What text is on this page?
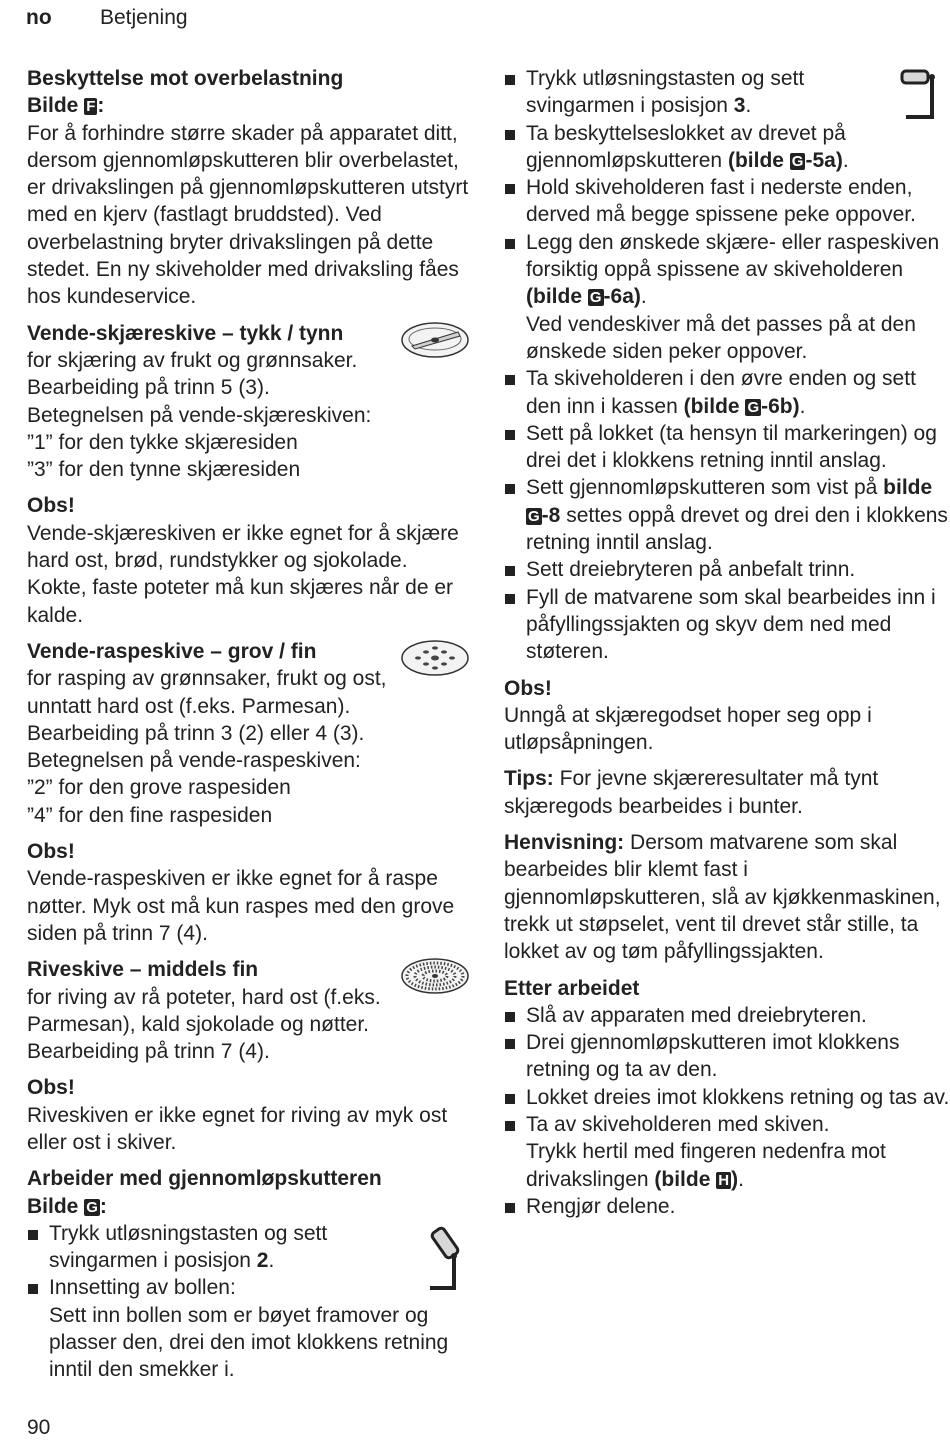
no Betjening
Beskyttelse mot overbelastning
Bilde F:

For å forhindre større skader på apparatet ditt, dersom gjennomløpskutteren blir overbelastet, er drivakslingen på gjennomløpskutteren utstyrt med en kjerv (fastlagt bruddsted). Ved overbelastning bryter drivakslingen på dette stedet. En ny skiveholder med drivaksling fåes hos kundeservice.

Vende-skjæreskive – tykk / tynn

for skjæring av frukt og grønnsaker.

Bearbeiding på trinn 5 (3).

Betegnelsen på vende-skjæreskiven:

”1” for den tykke skjæresiden

”3” for den tynne skjæresiden

Obs!

Vende-skjæreskiven er ikke egnet for å skjære hard ost, brød, rundstykker og sjokolade. Kokte, faste poteter må kun skjæres når de er kalde.

Vende-raspeskive – grov / fin

for rasping av grønnsaker, frukt og ost, unntatt hard ost (f.eks. Parmesan).

Bearbeiding på trinn 3 (2) eller 4 (3).

Betegnelsen på vende-raspeskiven:

”2” for den grove raspesiden

”4” for den fine raspesiden

Obs!

Vende-raspeskiven er ikke egnet for å raspe nøtter. Myk ost må kun raspes med den grove siden på trinn 7 (4).

Riveskive – middels fin

for riving av rå poteter, hard ost (f.eks. Parmesan), kald sjokolade og nøtter.

Bearbeiding på trinn 7 (4).

Obs!

Riveskiven er ikke egnet for riving av myk ost eller ost i skiver.

Arbeider med gjennomløpskutteren
Bilde G:
Trykk utløsningstasten og sett svingarmen i posisjon 2.
Innsetting av bollen:
Sett inn bollen som er bøyet framover og plasser den, drei den imot klokkens retning inntil den smekker i.
Trykk utløsningstasten og sett svingarmen i posisjon 3.
Ta beskyttelseslokket av drevet på gjennomløpskutteren (bilde G-5a).
Hold skiveholderen fast i nederste enden, derved må begge spissene peke oppover.
Legg den ønskede skjære- eller raspeskiven forsiktig oppå spissene av skiveholderen (bilde G-6a).
Ved vendeskiver må det passes på at den ønskede siden peker oppover.
Ta skiveholderen i den øvre enden og sett den inn i kassen (bilde G-6b).
Sett på lokket (ta hensyn til markeringen) og drei det i klokkens retning inntil anslag.
Sett gjennomløpskutteren som vist på bilde G-8 settes oppå drevet og drei den i klokkens retning inntil anslag.
Sett dreiebryteren på anbefalt trinn.
Fyll de matvarene som skal bearbeides inn i påfyllingssjakten og skyv dem ned med støteren.
Obs!

Unngå at skjæregodset hoper seg opp i utløpsåpningen.

Tips: For jevne skjæreresultater må tynt skjæregods bearbeides i bunter.

Henvisning: Dersom matvarene som skal bearbeides blir klemt fast i gjennomløpskutteren, slå av kjøkkenmaskinen, trekk ut støpselet, vent til drevet står stille, ta lokket av og tøm påfyllingssjakten.

Etter arbeidet
Slå av apparaten med dreiebryteren.
Drei gjennomløpskutteren imot klokkens retning og ta av den.
Lokket dreies imot klokkens retning og tas av.
Ta av skiveholderen med skiven.
Trykk hertil med fingeren nedenfra mot drivakslingen (bilde H).
Rengjør delene.
90
